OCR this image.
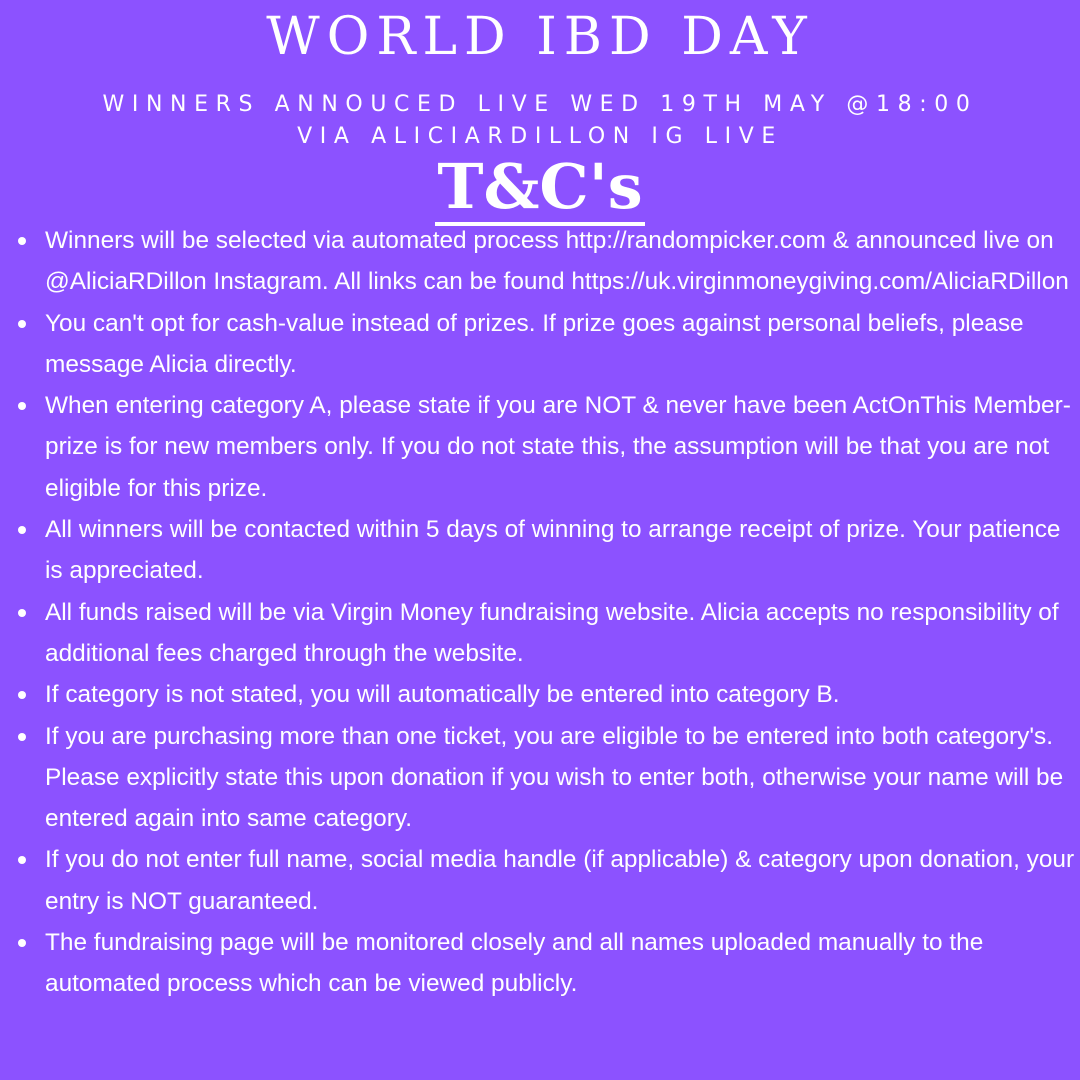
WORLD IBD DAY

WINNERS ANNOUCED LIVE WED 19TH MAY @18:00

VIA ALICIARDILLON IG LIVE

T&C's
Winners will be selected via automated process http://randompicker.com & announced live on @AliciaRDillon Instagram. All links can be found https://uk.virginmoneygiving.com/AliciaRDillon
You can't opt for cash-value instead of prizes. If prize goes against personal beliefs, please message Alicia directly.
When entering category A, please state if you are NOT & never have been ActOnThis Member- prize is for new members only. If you do not state this, the assumption will be that you are not eligible for this prize.
All winners will be contacted within 5 days of winning to arrange receipt of prize. Your patience is appreciated.
All funds raised will be via Virgin Money fundraising website. Alicia accepts no responsibility of additional fees charged through the website.
If category is not stated, you will automatically be entered into category B.
If you are purchasing more than one ticket, you are eligible to be entered into both category's. Please explicitly state this upon donation if you wish to enter both, otherwise your name will be entered again into same category.
If you do not enter full name, social media handle (if applicable) & category upon donation, your entry is NOT guaranteed.
The fundraising page will be monitored closely and all names uploaded manually to the automated process which can be viewed publicly.
